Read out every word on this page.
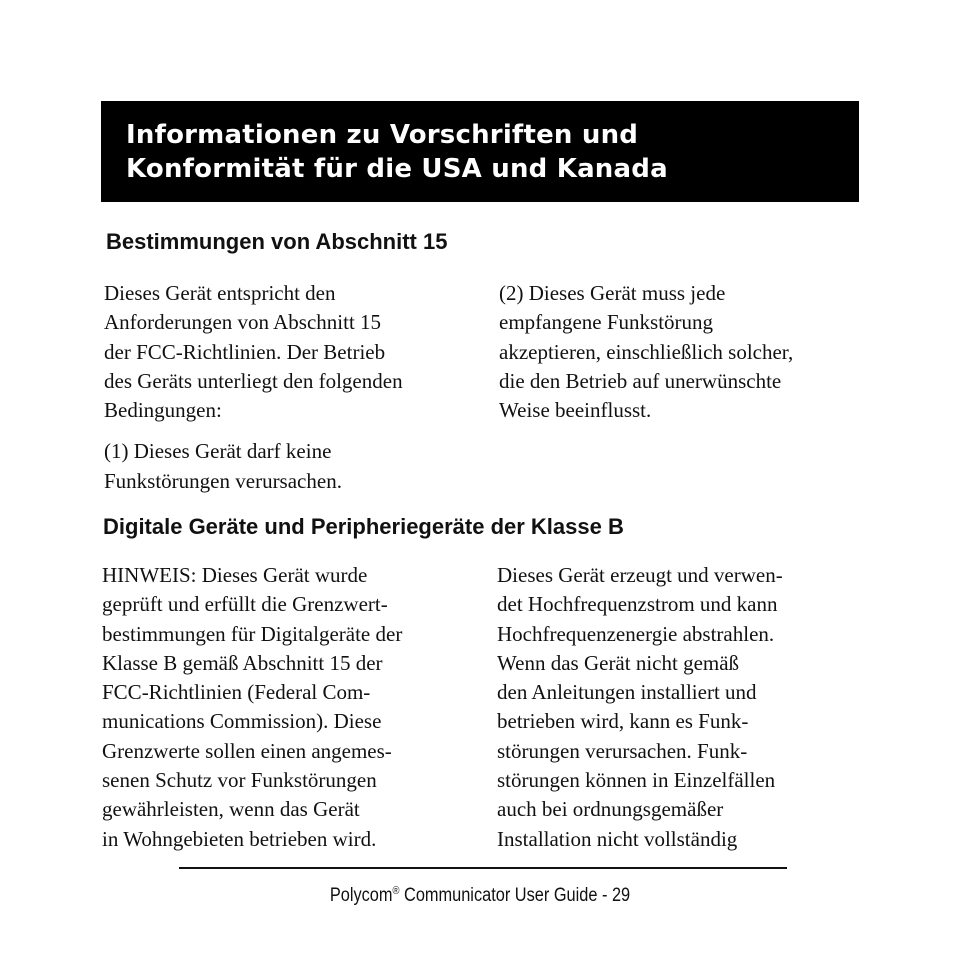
Informationen zu Vorschriften und
Konformität für die USA und Kanada
Bestimmungen von Abschnitt 15

Dieses Gerät entspricht den
Anforderungen von Abschnitt 15
der FCC-Richtlinien. Der Betrieb
des Geräts unterliegt den folgenden
Bedingungen:

(1) Dieses Gerät darf keine
Funkstörungen verursachen.

(2) Dieses Gerät muss jede
empfangene Funkstörung
akzeptieren, einschließlich solcher,
die den Betrieb auf unerwünschte
Weise beeinflusst.

Digitale Geräte und Peripheriegeräte der Klasse B

HINWEIS: Dieses Gerät wurde
geprüft und erfüllt die Grenzwert-
bestimmungen für Digitalgeräte der
Klasse B gemäß Abschnitt 15 der
FCC-Richtlinien (Federal Com-
munications Commission). Diese
Grenzwerte sollen einen angemes-
senen Schutz vor Funkstörungen
gewährleisten, wenn das Gerät
in Wohngebieten betrieben wird.

Dieses Gerät erzeugt und verwen-
det Hochfrequenzstrom und kann
Hochfrequenzenergie abstrahlen.
Wenn das Gerät nicht gemäß
den Anleitungen installiert und
betrieben wird, kann es Funk-
störungen verursachen. Funk-
störungen können in Einzelfällen
auch bei ordnungsgemäßer
Installation nicht vollständig

Polycom® Communicator User Guide - 29
